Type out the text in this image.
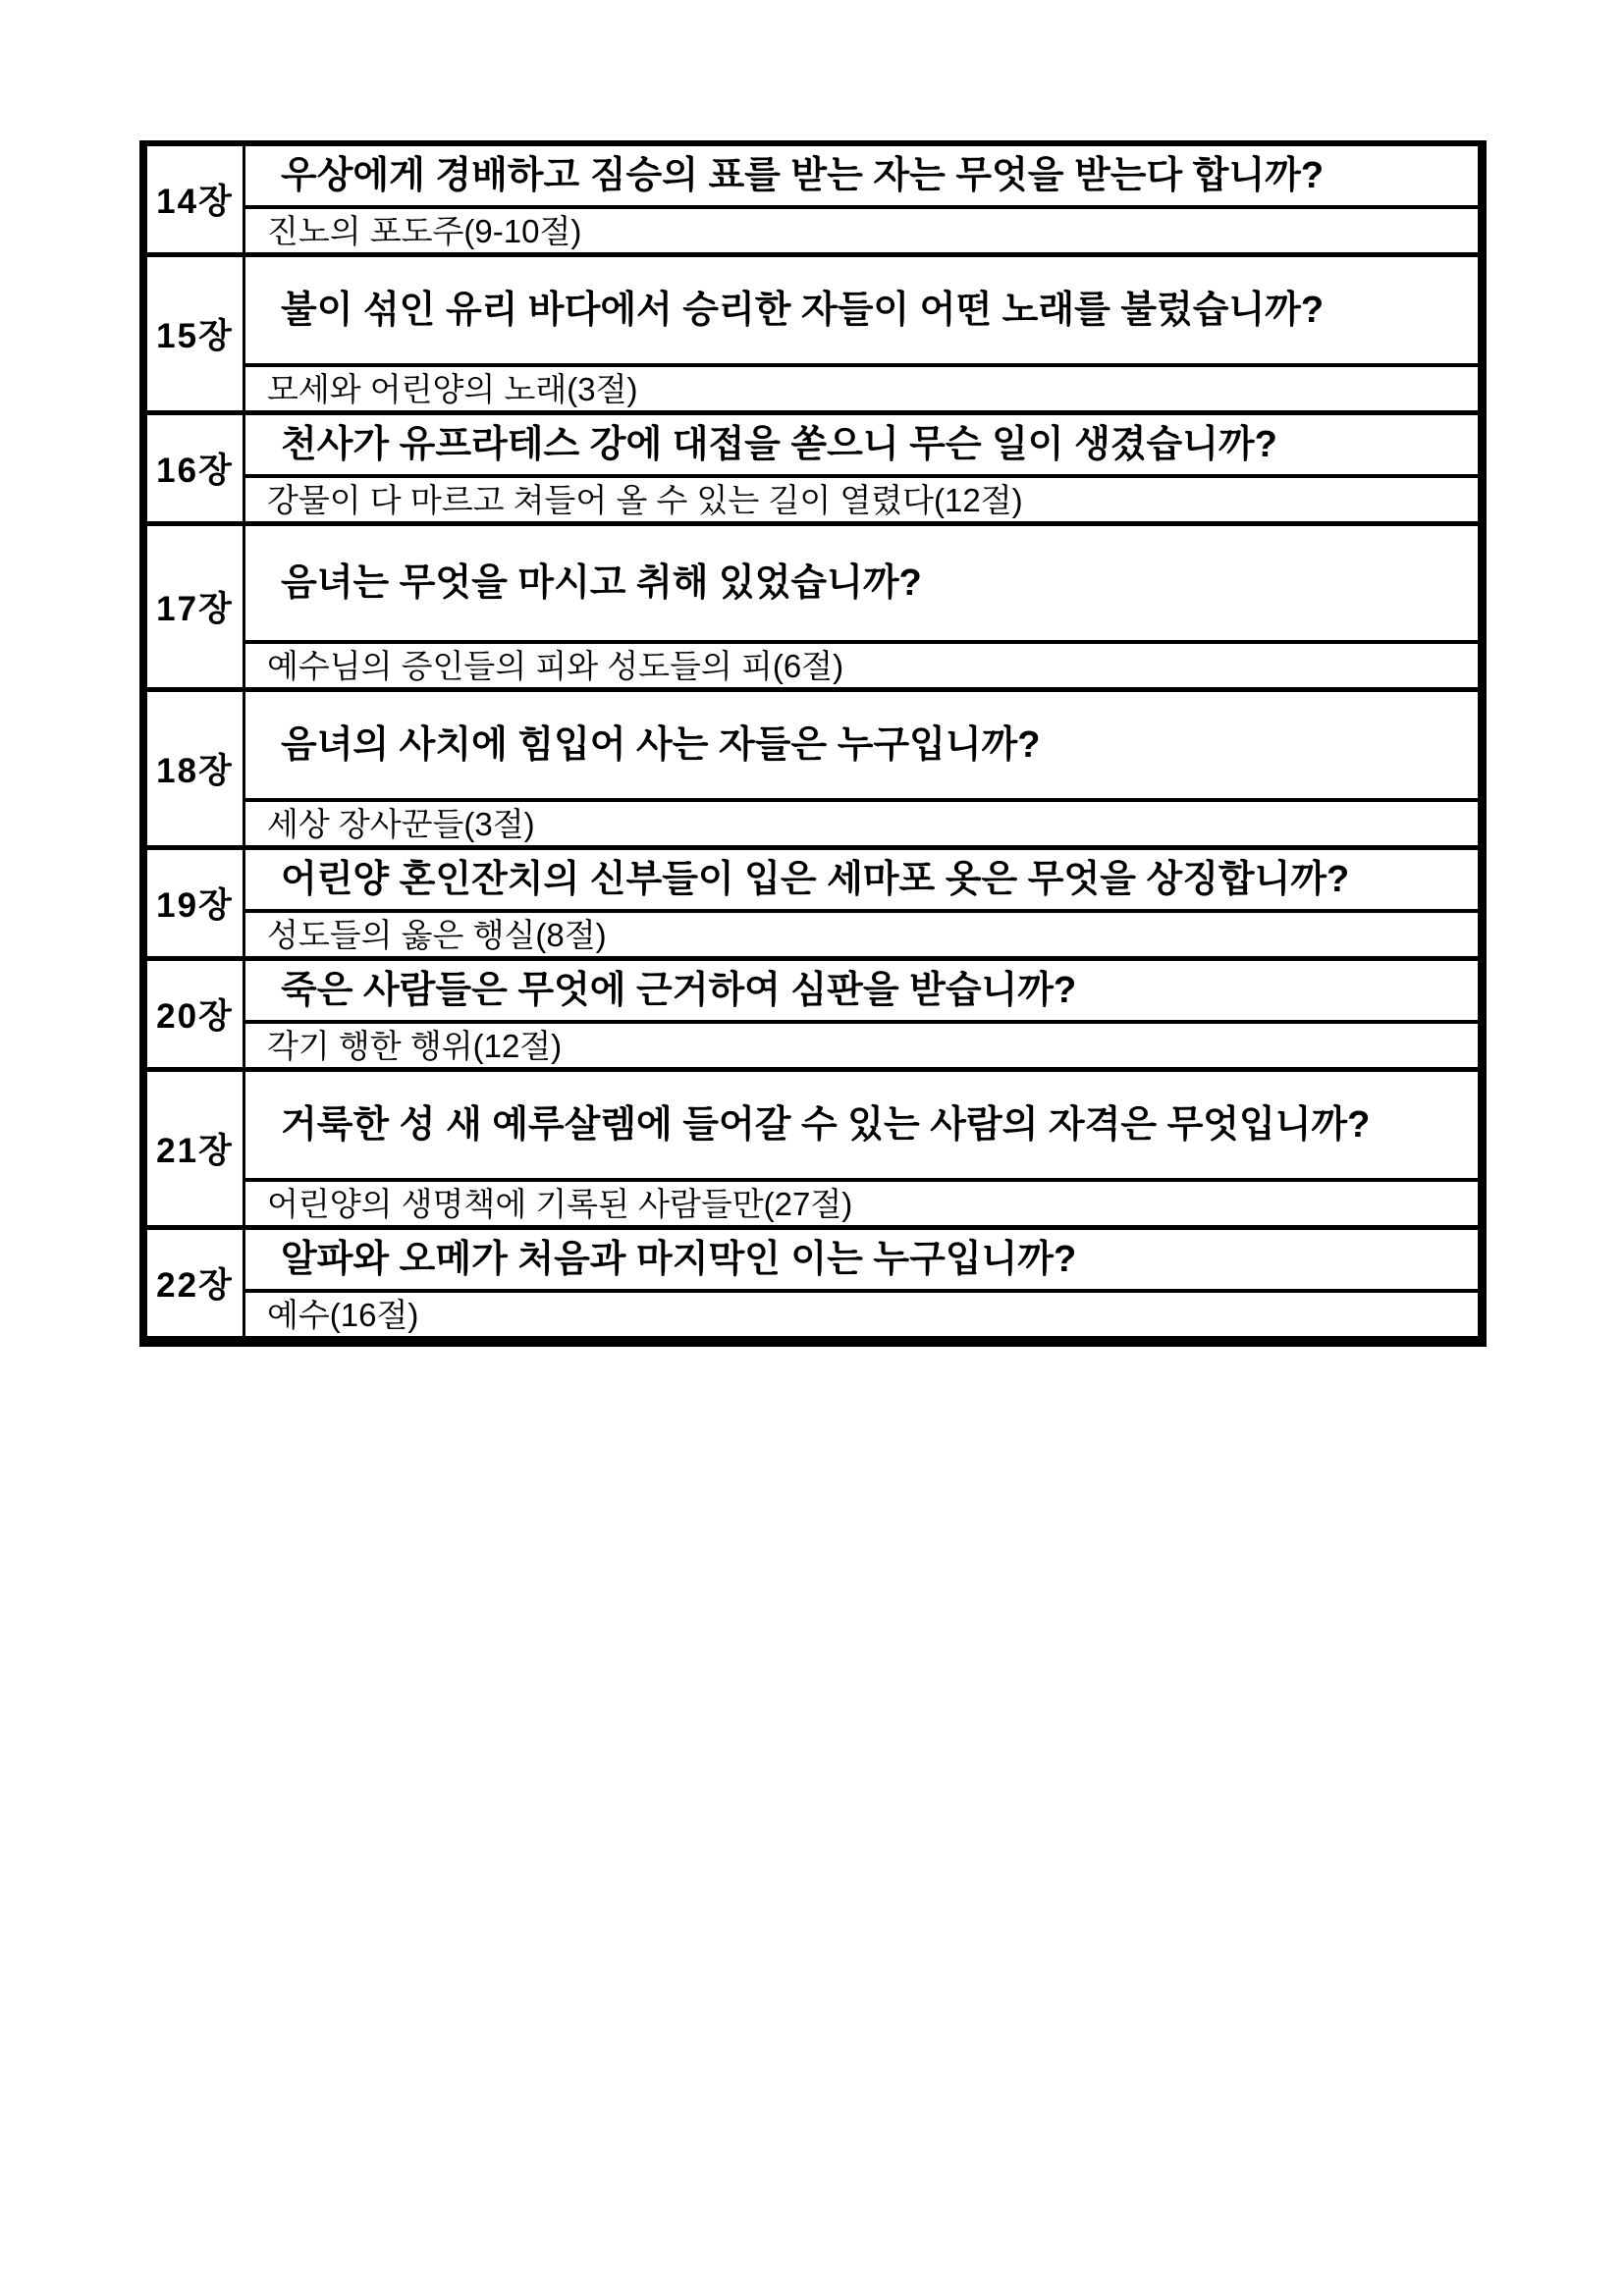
14장
우상에게 경배하고 짐승의 표를 받는 자는 무엇을 받는다 합니까?
진노의 포도주(9-10절)
15장
불이 섞인 유리 바다에서 승리한 자들이 어떤 노래를 불렀습니까?
모세와 어린양의 노래(3절)
16장
천사가 유프라테스 강에 대접을 쏟으니 무슨 일이 생겼습니까?
강물이 다 마르고 쳐들어 올 수 있는 길이 열렸다(12절)
17장
음녀는 무엇을 마시고 취해 있었습니까?
예수님의 증인들의 피와 성도들의 피(6절)
18장
음녀의 사치에 힘입어 사는 자들은 누구입니까?
세상 장사꾼들(3절)
19장
어린양 혼인잔치의 신부들이 입은 세마포 옷은 무엇을 상징합니까?
성도들의 옳은 행실(8절)
20장
죽은 사람들은 무엇에 근거하여 심판을 받습니까?
각기 행한 행위(12절)
21장
거룩한 성 새 예루살렘에 들어갈 수 있는 사람의 자격은 무엇입니까?
어린양의 생명책에 기록된 사람들만(27절)
22장
알파와 오메가 처음과 마지막인 이는 누구입니까?
예수(16절)
